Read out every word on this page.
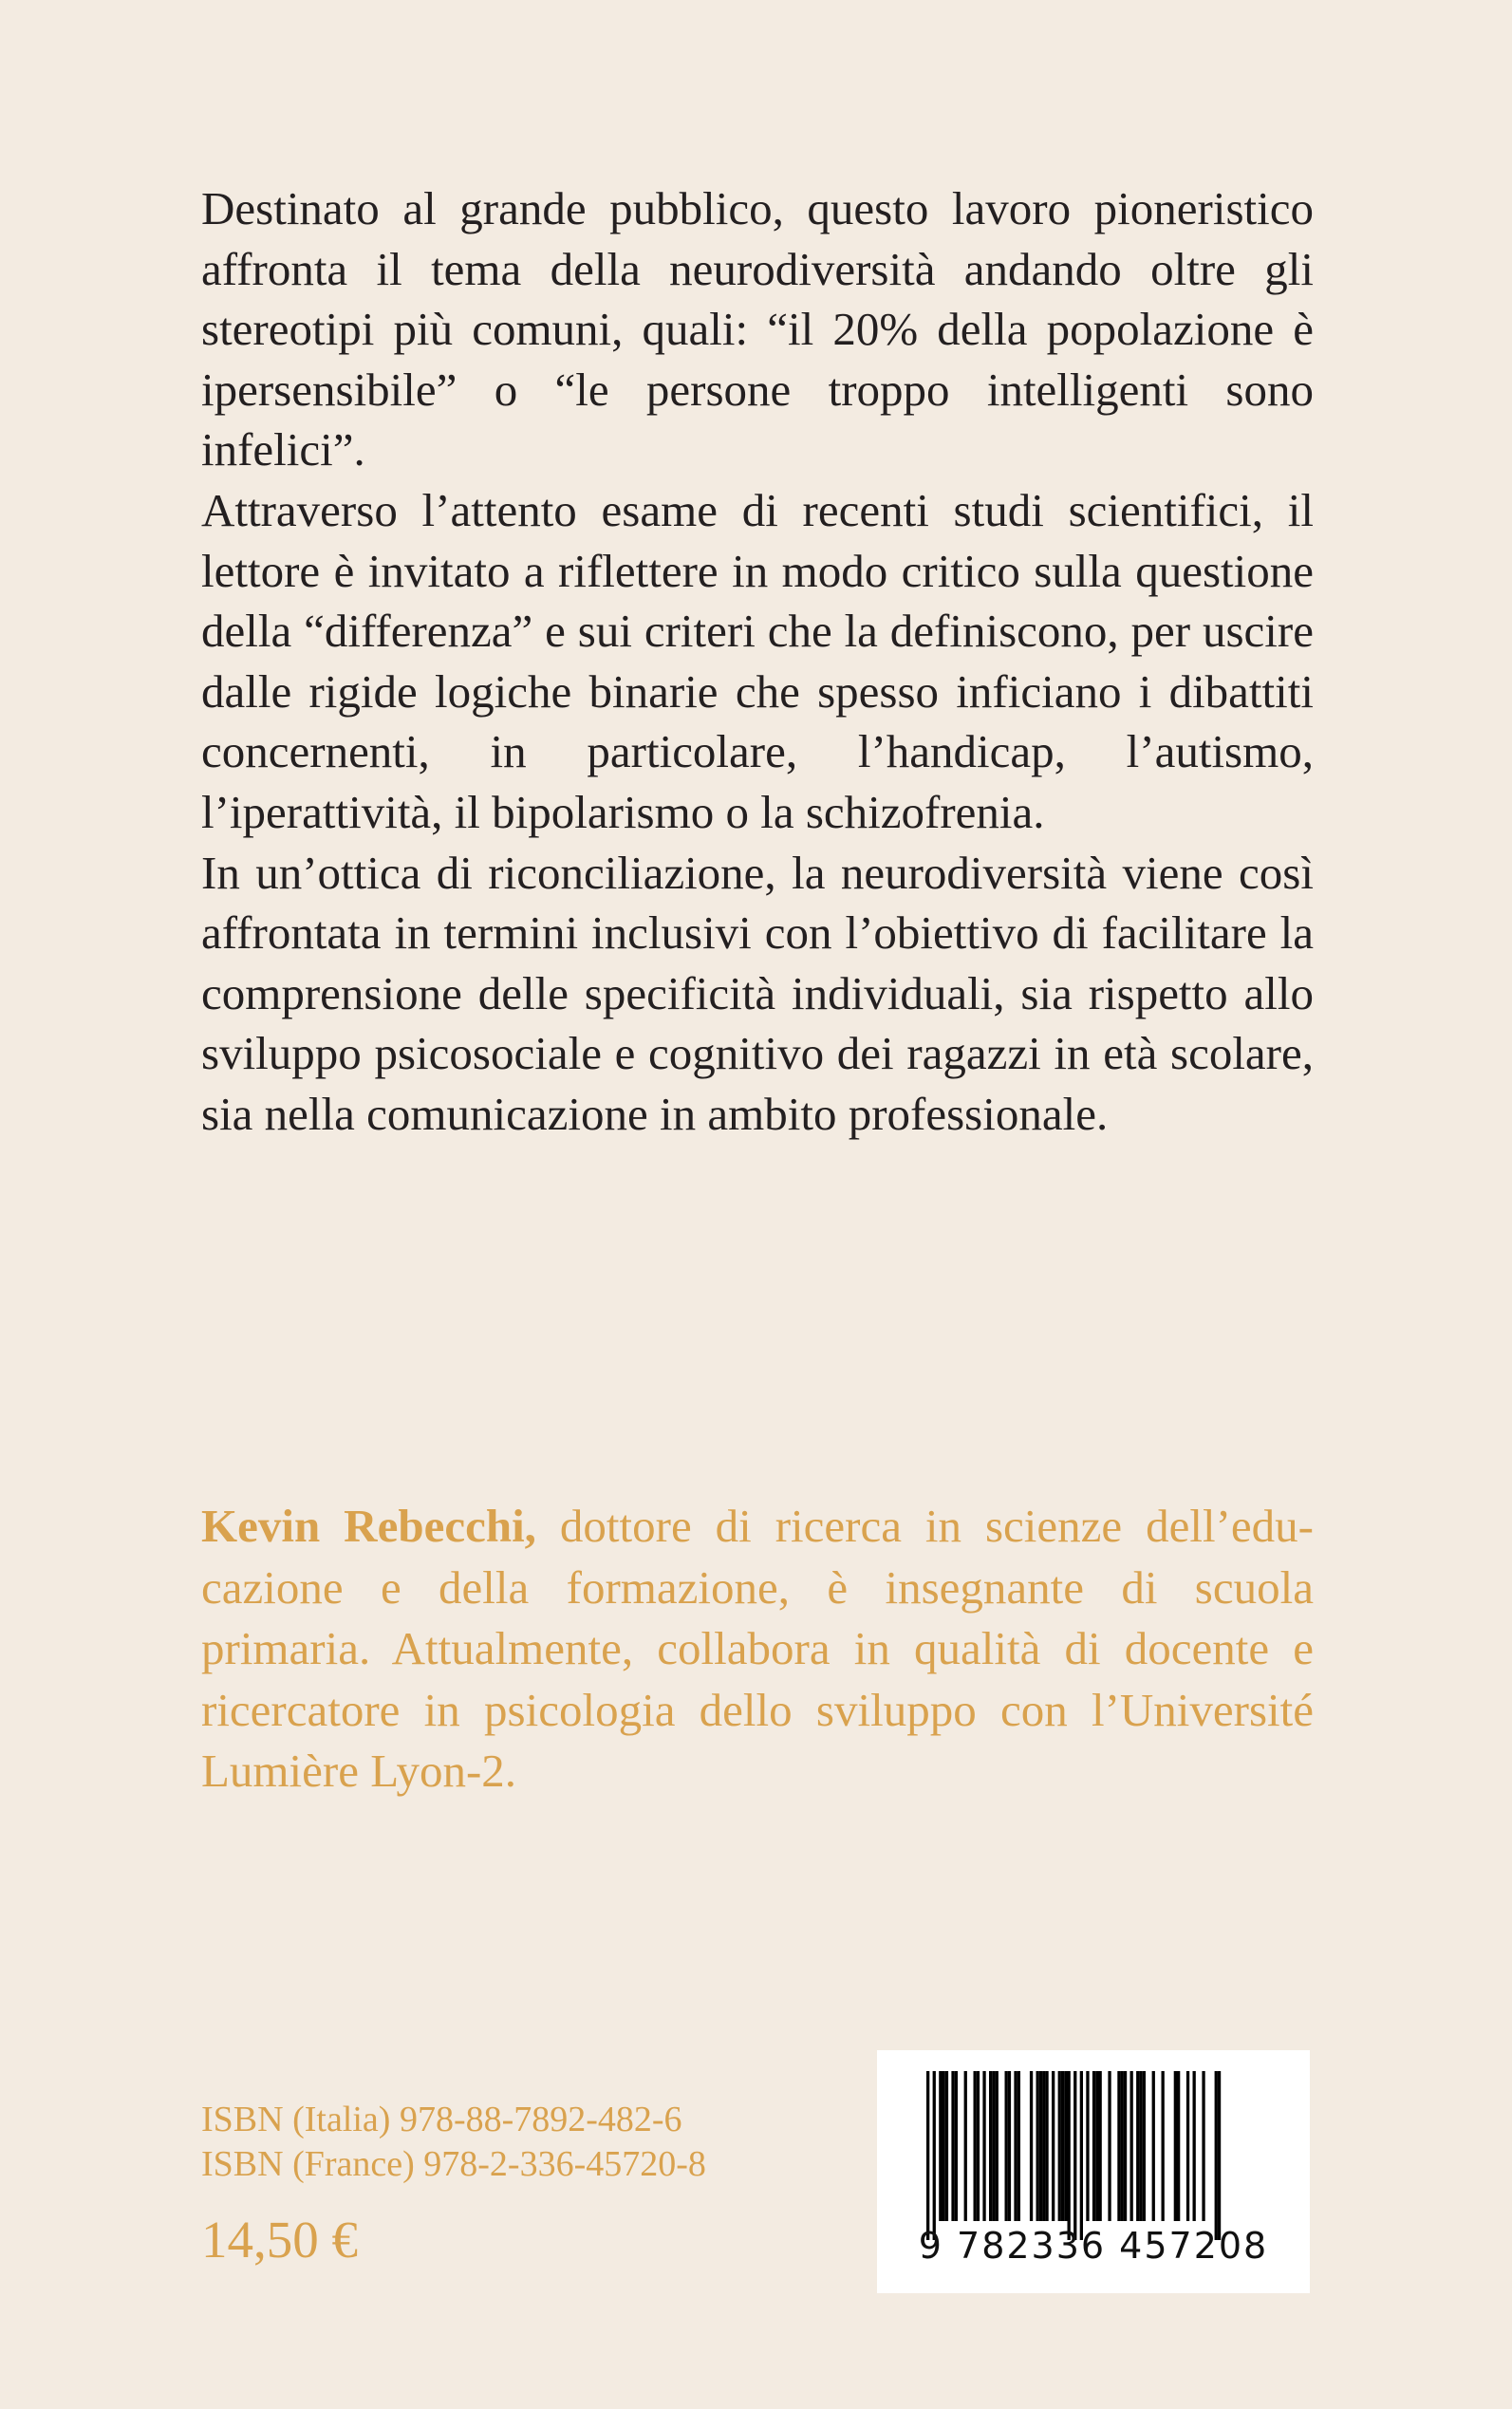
Destinato al grande pubblico, questo lavoro pioneristico affronta il tema della neurodiversità andando oltre gli stereotipi più comuni, quali: “il 20% della popolazione è ipersensibile” o “le persone troppo intelligenti sono infelici”.

Attraverso l’attento esame di recenti studi scientifici, il lettore è invitato a riflettere in modo critico sulla questione della “differenza” e sui criteri che la definiscono, per uscire dalle rigide logiche binarie che spesso inficiano i dibattiti concernenti, in particolare, l’handicap, l’autismo, l’iperattività, il bipolarismo o la schizofrenia.

In un’ottica di riconciliazione, la neurodiversità viene così affrontata in termini inclusivi con l’obiettivo di facilitare la comprensione delle specificità individuali, sia rispetto allo sviluppo psicosociale e cognitivo dei ragazzi in età scolare, sia nella comunicazione in ambito professionale.

Kevin Rebecchi, dottore di ricerca in scienze dell’educazione e della formazione, è insegnante di scuola primaria. Attualmente, collabora in qualità di docente e ricercatore in psicologia dello sviluppo con l’Université Lumière Lyon-2.

ISBN (Italia) 978-88-7892-482-6
ISBN (France) 978-2-336-45720-8
14,50 €	9 782336 457208
